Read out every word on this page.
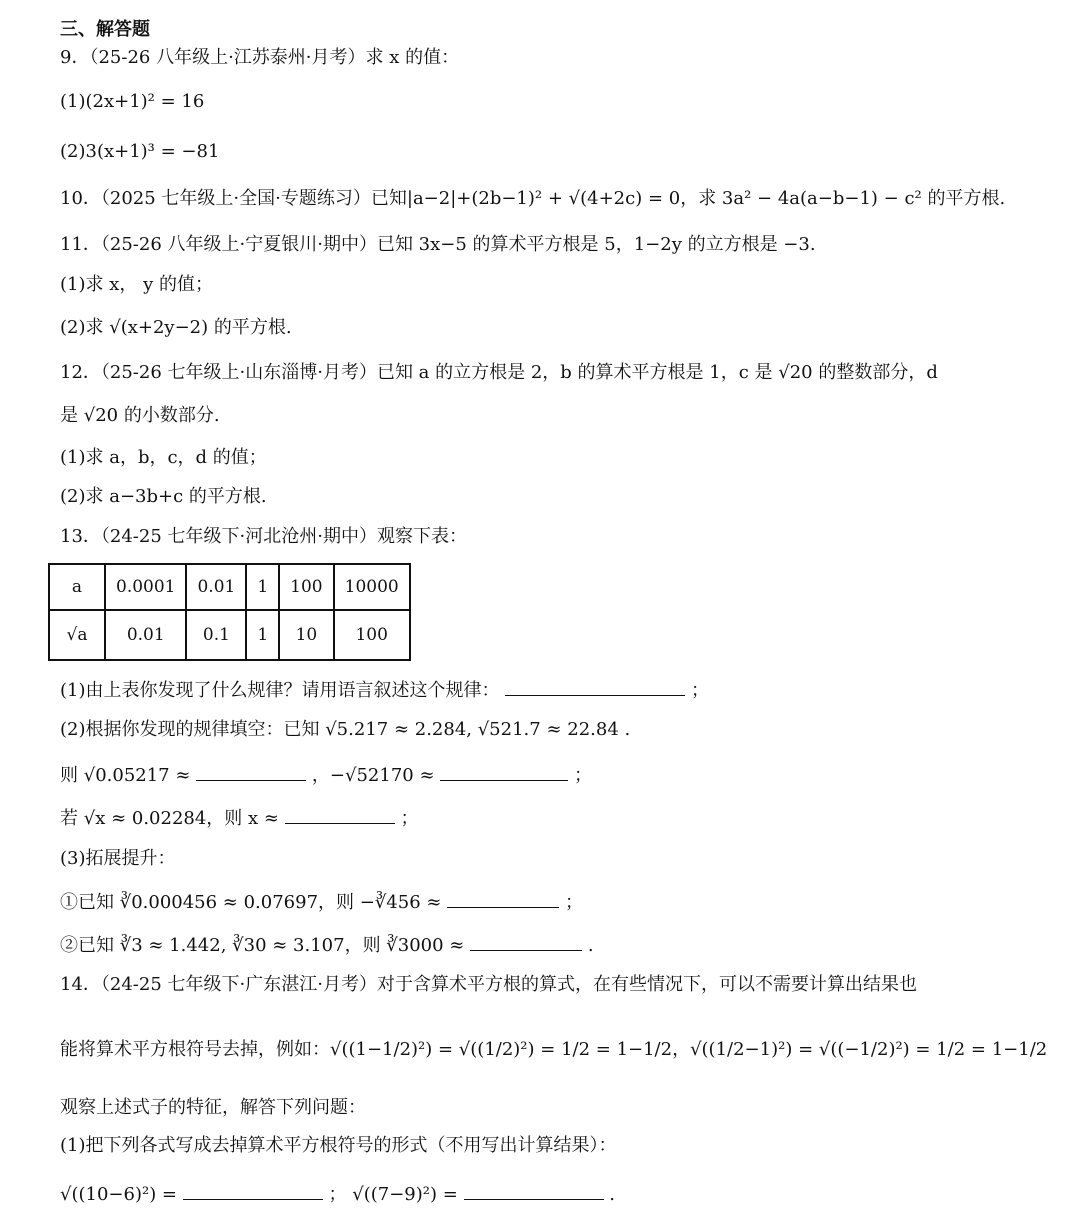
三、解答题
9．（25-26 八年级上·江苏泰州·月考）求 x 的值：
(1)(2x+1)² = 16
(2)3(x+1)³ = −81
10．（2025 七年级上·全国·专题练习）已知|a−2|+(2b−1)² + √(4+2c) = 0，求 3a² − 4a(a−b−1) − c² 的平方根.
11．（25-26 八年级上·宁夏银川·期中）已知 3x−5 的算术平方根是 5，1−2y 的立方根是 −3.
(1)求 x， y 的值；
(2)求 √(x+2y−2) 的平方根.
12．（25-26 七年级上·山东淄博·月考）已知 a 的立方根是 2，b 的算术平方根是 1，c 是 √20 的整数部分，d
是 √20 的小数部分.
(1)求 a，b，c，d 的值；
(2)求 a−3b+c 的平方根.
13．（24-25 七年级下·河北沧州·期中）观察下表：
a	0.0001	0.01	1	100	10000
√a	0.01	0.1	1	10	100
(1)由上表你发现了什么规律？请用语言叙述这个规律：	；
(2)根据你发现的规律填空：已知 √5.217 ≈ 2.284, √521.7 ≈ 22.84 .
则 √0.05217 ≈	，−√52170 ≈	；
若 √x ≈ 0.02284，则 x ≈	；
(3)拓展提升：
①已知 ∛0.000456 ≈ 0.07697，则 −∛456 ≈	；
②已知 ∛3 ≈ 1.442, ∛30 ≈ 3.107，则 ∛3000 ≈	.
14．（24-25 七年级下·广东湛江·月考）对于含算术平方根的算式，在有些情况下，可以不需要计算出结果也
能将算术平方根符号去掉，例如：√((1−1/2)²) = √((1/2)²) = 1/2 = 1−1/2，√((1/2−1)²) = √((−1/2)²) = 1/2 = 1−1/2
观察上述式子的特征，解答下列问题：
(1)把下列各式写成去掉算术平方根符号的形式（不用写出计算结果）：
√((10−6)²) =	； √((7−9)²) =	.
